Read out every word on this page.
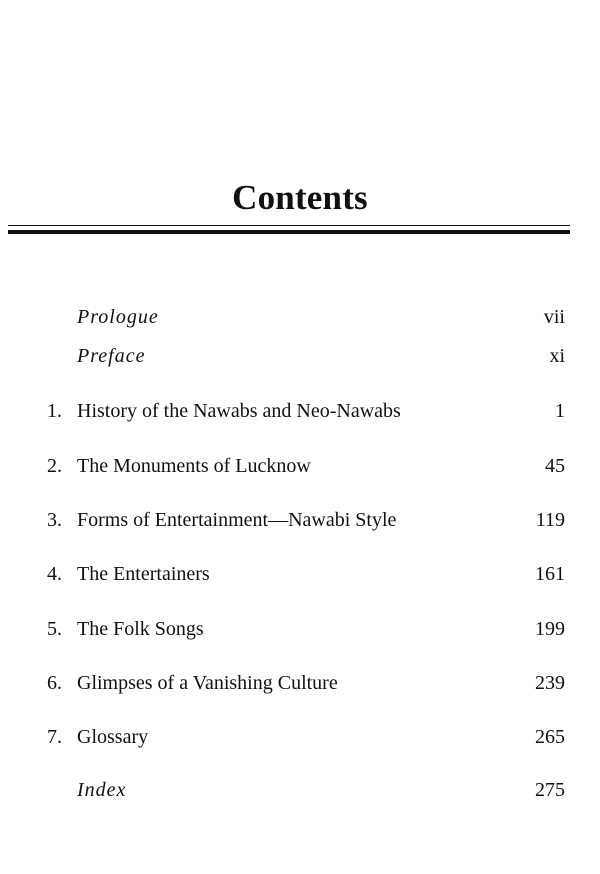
Contents
Prologue	vii
Preface	xi
1. History of the Nawabs and Neo-Nawabs	1
2. The Monuments of Lucknow	45
3. Forms of Entertainment—Nawabi Style	119
4. The Entertainers	161
5. The Folk Songs	199
6. Glimpses of a Vanishing Culture	239
7. Glossary	265
Index	275
